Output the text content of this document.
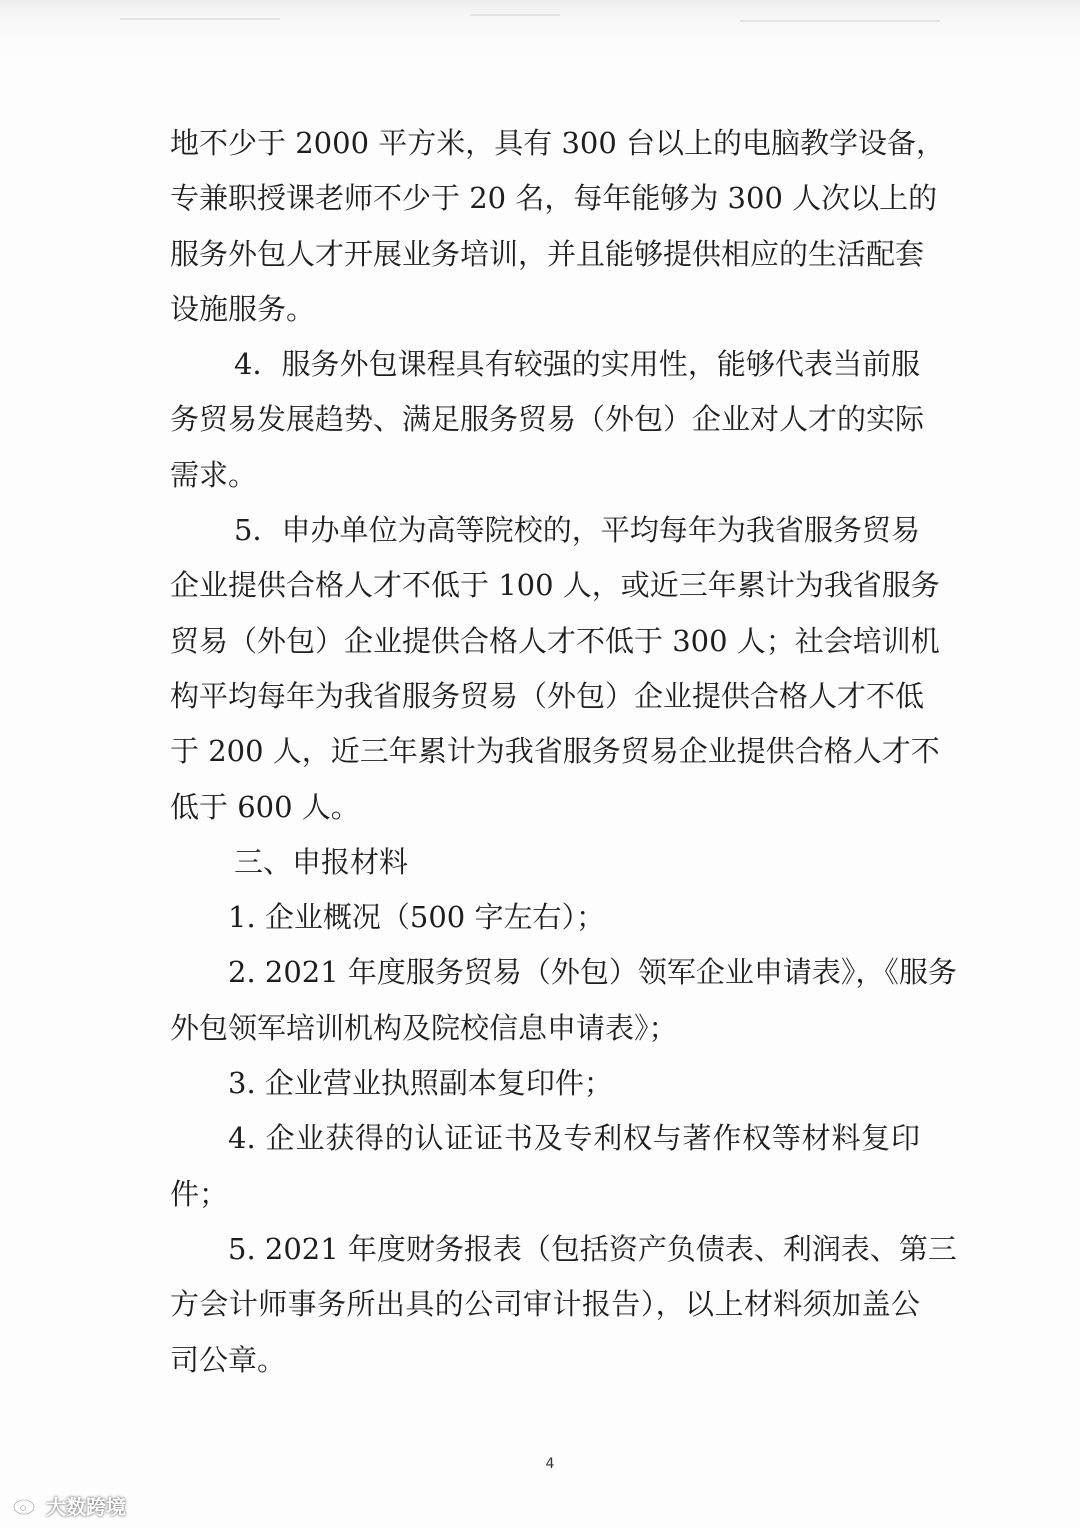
地不少于 2000 平方米，具有 300 台以上的电脑教学设备，
专兼职授课老师不少于 20 名，每年能够为 300 人次以上的
服务外包人才开展业务培训，并且能够提供相应的生活配套
设施服务。
4．服务外包课程具有较强的实用性，能够代表当前服
务贸易发展趋势、满足服务贸易（外包）企业对人才的实际
需求。
5．申办单位为高等院校的，平均每年为我省服务贸易
企业提供合格人才不低于 100 人，或近三年累计为我省服务
贸易（外包）企业提供合格人才不低于 300 人；社会培训机
构平均每年为我省服务贸易（外包）企业提供合格人才不低
于 200 人，近三年累计为我省服务贸易企业提供合格人才不
低于 600 人。
三、申报材料
1. 企业概况（500 字左右）；
2. 2021 年度服务贸易（外包）领军企业申请表》，《服务
外包领军培训机构及院校信息申请表》；
3. 企业营业执照副本复印件；
4. 企业获得的认证证书及专利权与著作权等材料复印
件；
5. 2021 年度财务报表（包括资产负债表、利润表、第三
方会计师事务所出具的公司审计报告），以上材料须加盖公
司公章。
4
大数跨境
